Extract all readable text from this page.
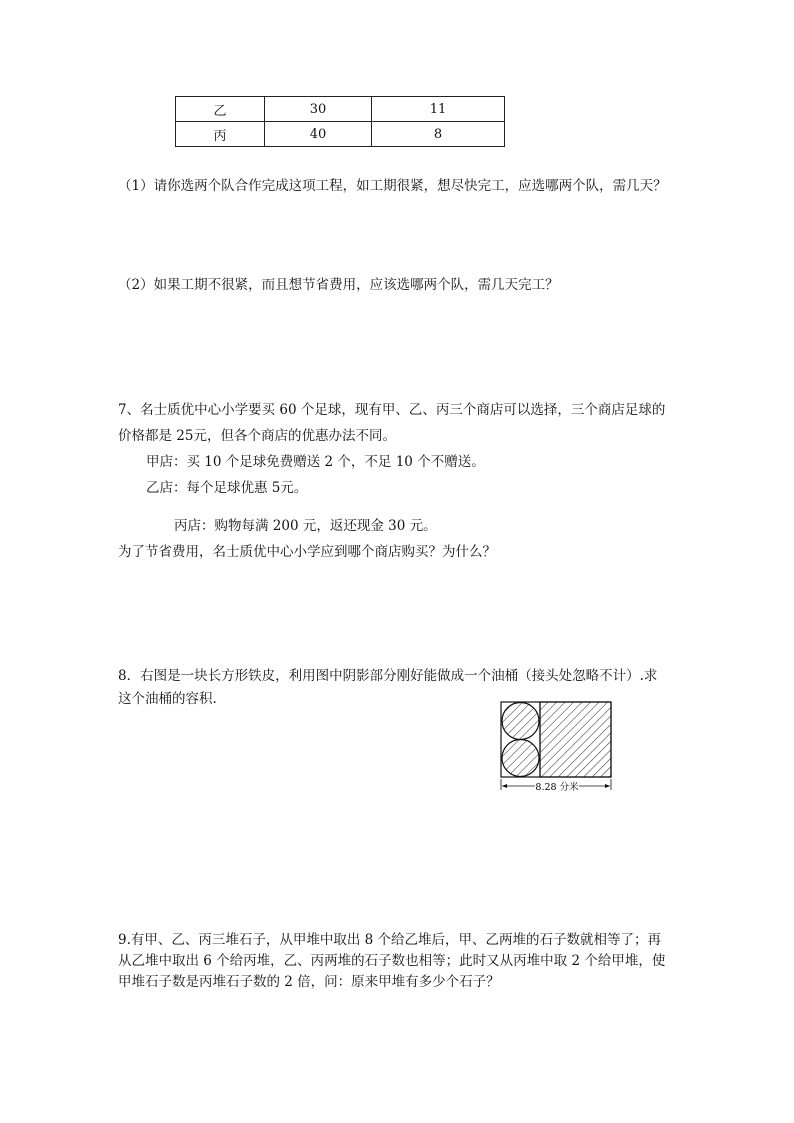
乙	30	11
丙	40	8
（1）请你选两个队合作完成这项工程，如工期很紧，想尽快完工，应选哪两个队，需几天？
（2）如果工期不很紧，而且想节省费用，应该选哪两个队，需几天完工？
7、名士质优中心小学要买 60 个足球，现有甲、乙、丙三个商店可以选择，三个商店足球的
价格都是 25元，但各个商店的优惠办法不同。
甲店：买 10 个足球免费赠送 2 个，不足 10 个不赠送。
乙店：每个足球优惠 5元。
丙店：购物每满 200 元，返还现金 30 元。
为了节省费用，名士质优中心小学应到哪个商店购买？为什么？
8．右图是一块长方形铁皮，利用图中阴影部分刚好能做成一个油桶（接头处忽略不计）.求
这个油桶的容积.
8.28 分米
9.有甲、乙、丙三堆石子，从甲堆中取出 8 个给乙堆后，甲、乙两堆的石子数就相等了；再
从乙堆中取出 6 个给丙堆，乙、丙两堆的石子数也相等；此时又从丙堆中取 2 个给甲堆，使
甲堆石子数是丙堆石子数的 2 倍，问：原来甲堆有多少个石子？
